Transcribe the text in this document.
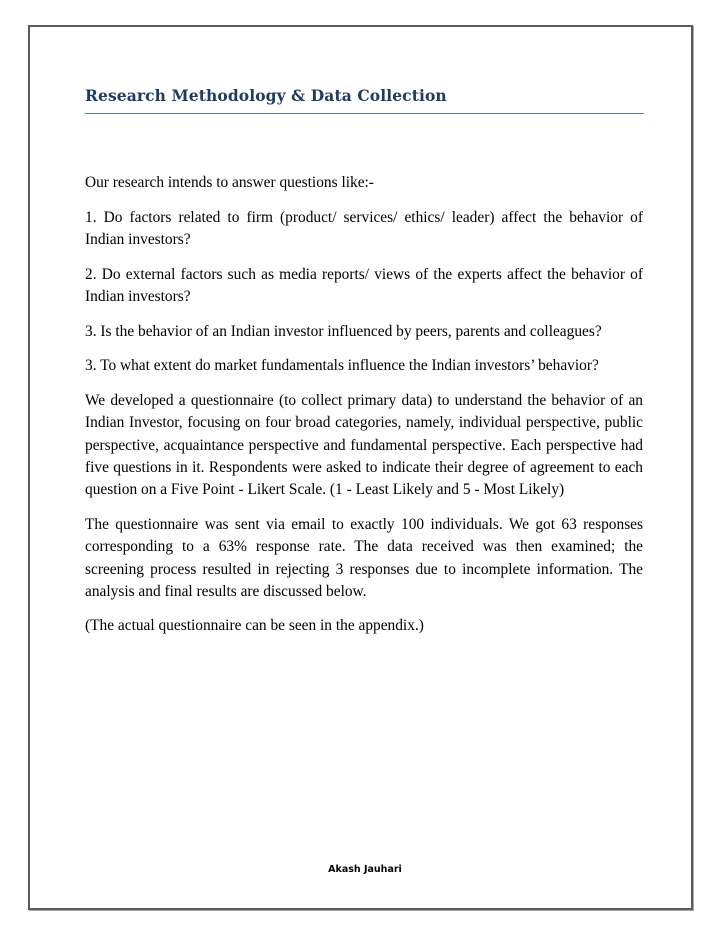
Research Methodology & Data Collection

Our research intends to answer questions like:-

1. Do factors related to firm (product/ services/ ethics/ leader) affect the behavior of Indian investors?

2. Do external factors such as media reports/ views of the experts affect the behavior of Indian investors?

3. Is the behavior of an Indian investor influenced by peers, parents and colleagues?

3. To what extent do market fundamentals influence the Indian investors’ behavior?

We developed a questionnaire (to collect primary data) to understand the behavior of an Indian Investor, focusing on four broad categories, namely, individual perspective, public perspective, acquaintance perspective and fundamental perspective. Each perspective had five questions in it. Respondents were asked to indicate their degree of agreement to each question on a Five Point - Likert Scale. (1 - Least Likely and 5 - Most Likely)

The questionnaire was sent via email to exactly 100 individuals. We got 63 responses corresponding to a 63% response rate. The data received was then examined; the screening process resulted in rejecting 3 responses due to incomplete information. The analysis and final results are discussed below.

(The actual questionnaire can be seen in the appendix.)

Akash Jauhari
